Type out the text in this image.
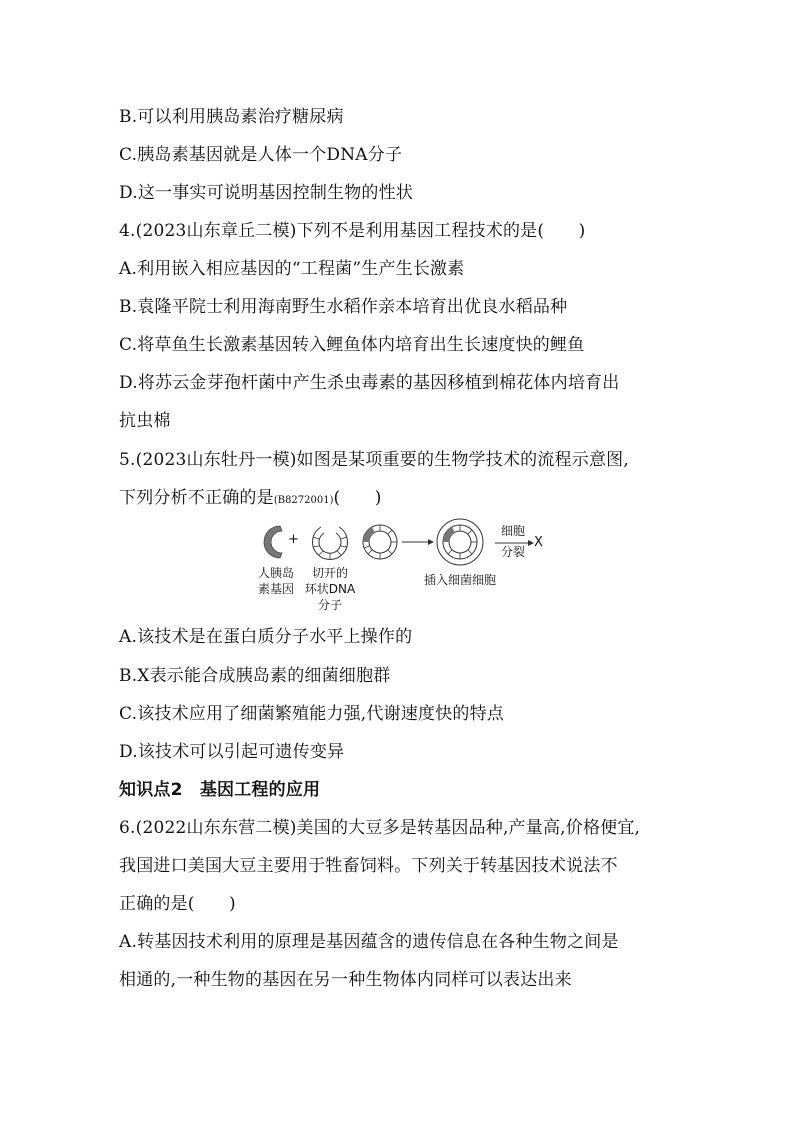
B.可以利用胰岛素治疗糖尿病
C.胰岛素基因就是人体一个DNA分子
D.这一事实可说明基因控制生物的性状
4.(2023山东章丘二模)下列不是利用基因工程技术的是(　　)
A.利用嵌入相应基因的“工程菌”生产生长激素
B.袁隆平院士利用海南野生水稻作亲本培育出优良水稻品种
C.将草鱼生长激素基因转入鲤鱼体内培育出生长速度快的鲤鱼
D.将苏云金芽孢杆菌中产生杀虫毒素的基因移植到棉花体内培育出
抗虫棉
5.(2023山东牡丹一模)如图是某项重要的生物学技术的流程示意图,
下列分析不正确的是(B8272001)(　　)
+
人胰岛
素基因
切开的
环状DNA
分子
插入细菌细胞
细胞
分裂
X
A.该技术是在蛋白质分子水平上操作的
B.X表示能合成胰岛素的细菌细胞群
C.该技术应用了细菌繁殖能力强,代谢速度快的特点
D.该技术可以引起可遗传变异
知识点2　基因工程的应用
6.(2022山东东营二模)美国的大豆多是转基因品种,产量高,价格便宜,
我国进口美国大豆主要用于牲畜饲料。下列关于转基因技术说法不
正确的是(　　)
A.转基因技术利用的原理是基因蕴含的遗传信息在各种生物之间是
相通的,一种生物的基因在另一种生物体内同样可以表达出来
